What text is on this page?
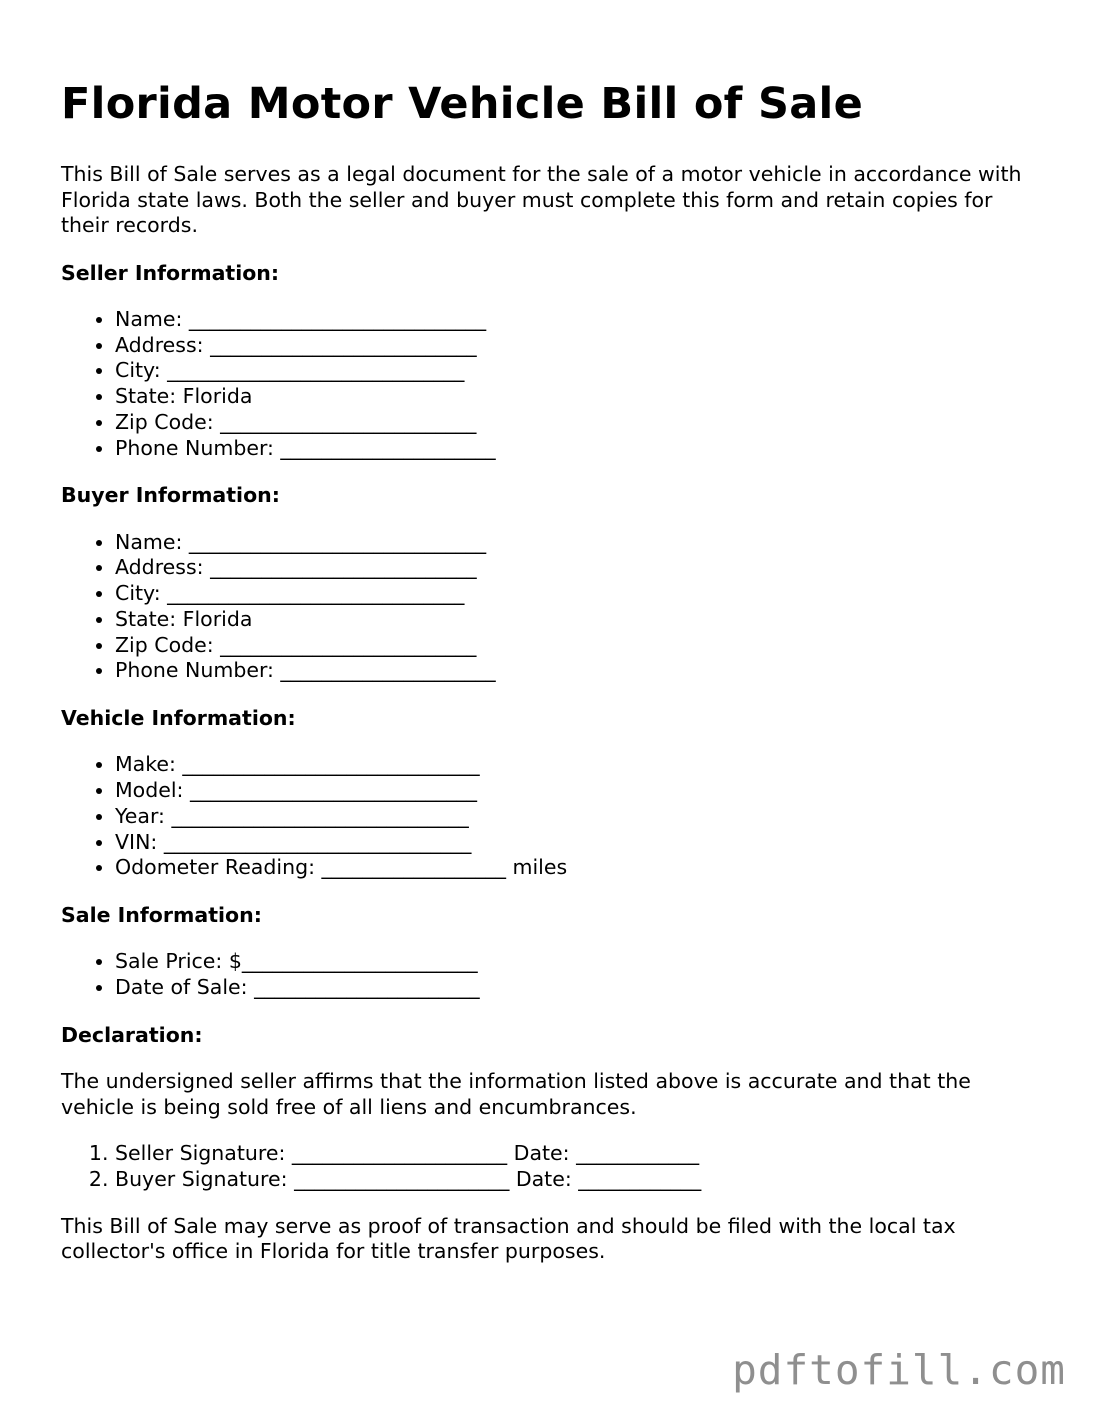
Florida Motor Vehicle Bill of Sale

This Bill of Sale serves as a legal document for the sale of a motor vehicle in accordance with Florida state laws. Both the seller and buyer must complete this form and retain copies for their records.

Seller Information:
• Name: _____________________________
• Address: __________________________
• City: _____________________________
• State: Florida
• Zip Code: _________________________
• Phone Number: _____________________
Buyer Information:
• Name: _____________________________
• Address: __________________________
• City: _____________________________
• State: Florida
• Zip Code: _________________________
• Phone Number: _____________________
Vehicle Information:
• Make: _____________________________
• Model: ____________________________
• Year: _____________________________
• VIN: ______________________________
• Odometer Reading: __________________ miles
Sale Information:
• Sale Price: $_______________________
• Date of Sale: ______________________
Declaration:

The undersigned seller affirms that the information listed above is accurate and that the vehicle is being sold free of all liens and encumbrances.

1. Seller Signature: _____________________ Date: ____________
2. Buyer Signature: _____________________ Date: ____________

This Bill of Sale may serve as proof of transaction and should be filed with the local tax collector's office in Florida for title transfer purposes.

pdftofill.com
